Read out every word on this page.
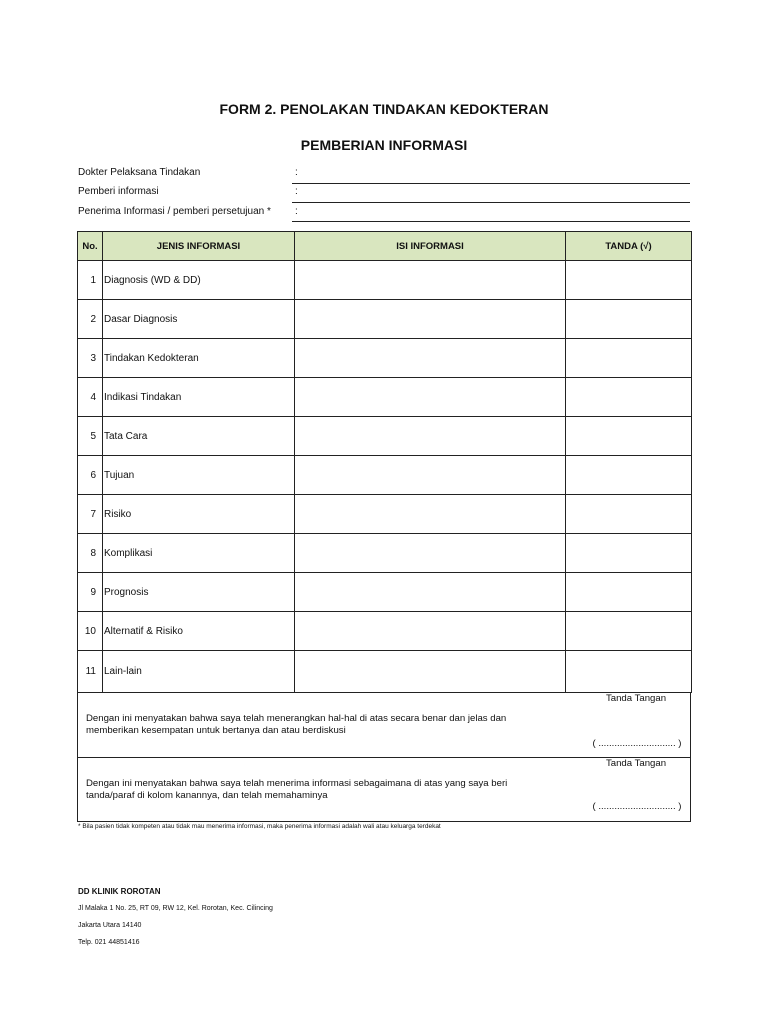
FORM 2. PENOLAKAN TINDAKAN KEDOKTERAN
PEMBERIAN INFORMASI
Dokter Pelaksana Tindakan	:
Pemberi informasi	:
Penerima Informasi / pemberi persetujuan * :
No.	JENIS INFORMASI	ISI INFORMASI	TANDA (√)
1	Diagnosis (WD & DD)		
2	Dasar Diagnosis		
3	Tindakan Kedokteran		
4	Indikasi Tindakan		
5	Tata Cara		
6	Tujuan		
7	Risiko		
8	Komplikasi		
9	Prognosis		
10	Alternatif & Risiko		
11	Lain-lain		
Tanda Tangan
Dengan ini menyatakan bahwa saya telah menerangkan hal-hal di atas secara benar dan jelas dan
memberikan kesempatan untuk bertanya dan atau berdiskusi
( ............................. )
Tanda Tangan
Dengan ini menyatakan bahwa saya telah menerima informasi sebagaimana di atas yang saya beri
tanda/paraf di kolom kanannya, dan telah memahaminya
( ............................. )
* Bila pasien tidak kompeten atau tidak mau menerima informasi, maka penerima informasi adalah wali atau keluarga terdekat
DD KLINIK ROROTAN
Jl Malaka 1 No. 25, RT 09, RW 12, Kel. Rorotan, Kec. Cilincing
Jakarta Utara 14140
Telp. 021 44851416
